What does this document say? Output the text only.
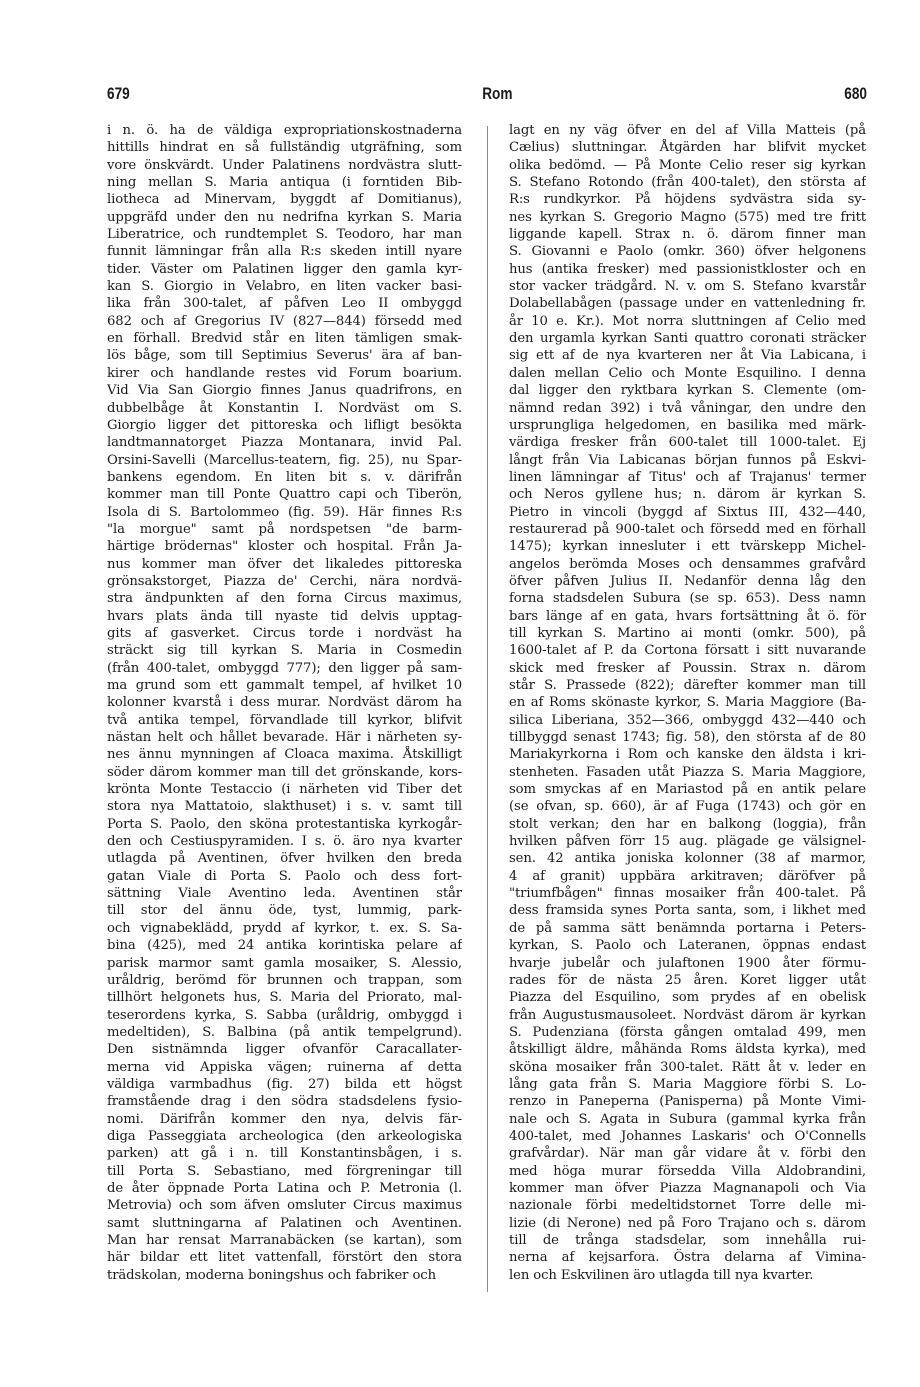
679	Rom	680
i n. ö. ha de väldiga expropriationskostnaderna
hittills hindrat en så fullständig utgräfning, som
vore önskvärdt. Under Palatinens nordvästra slutt-
ning mellan S. Maria antiqua (i forntiden Bib-
liotheca ad Minervam, byggdt af Domitianus),
uppgräfd under den nu nedrifna kyrkan S. Maria
Liberatrice, och rundtemplet S. Teodoro, har man
funnit lämningar från alla R:s skeden intill nyare
tider. Väster om Palatinen ligger den gamla kyr-
kan S. Giorgio in Velabro, en liten vacker basi-
lika från 300-talet, af påfven Leo II ombyggd
682 och af Gregorius IV (827—844) försedd med
en förhall. Bredvid står en liten tämligen smak-
lös båge, som till Septimius Severus' ära af ban-
kirer och handlande restes vid Forum boarium.
Vid Via San Giorgio finnes Janus quadrifrons, en
dubbelbåge åt Konstantin I. Nordväst om S.
Giorgio ligger det pittoreska och lifligt besökta
landtmannatorget Piazza Montanara, invid Pal.
Orsini-Savelli (Marcellus-teatern, fig. 25), nu Spar-
bankens egendom. En liten bit s. v. därifrån
kommer man till Ponte Quattro capi och Tiberön,
Isola di S. Bartolommeo (fig. 59). Här finnes R:s
"la morgue" samt på nordspetsen "de barm-
härtige brödernas" kloster och hospital. Från Ja-
nus kommer man öfver det likaledes pittoreska
grönsakstorget, Piazza de' Cerchi, nära nordvä-
stra ändpunkten af den forna Circus maximus,
hvars plats ända till nyaste tid delvis upptag-
gits af gasverket. Circus torde i nordväst ha
sträckt sig till kyrkan S. Maria in Cosmedin
(från 400-talet, ombyggd 777); den ligger på sam-
ma grund som ett gammalt tempel, af hvilket 10
kolonner kvarstå i dess murar. Nordväst därom ha
två antika tempel, förvandlade till kyrkor, blifvit
nästan helt och hållet bevarade. Här i närheten sy-
nes ännu mynningen af Cloaca maxima. Åtskilligt
söder därom kommer man till det grönskande, kors-
krönta Monte Testaccio (i närheten vid Tiber det
stora nya Mattatoio, slakthuset) i s. v. samt till
Porta S. Paolo, den sköna protestantiska kyrkogår-
den och Cestiuspyramiden. I s. ö. äro nya kvarter
utlagda på Aventinen, öfver hvilken den breda
gatan Viale di Porta S. Paolo och dess fort-
sättning Viale Aventino leda. Aventinen står
till stor del ännu öde, tyst, lummig, park-
och vignabeklädd, prydd af kyrkor, t. ex. S. Sa-
bina (425), med 24 antika korintiska pelare af
parisk marmor samt gamla mosaiker, S. Alessio,
uråldrig, berömd för brunnen och trappan, som
tillhört helgonets hus, S. Maria del Priorato, mal-
teserordens kyrka, S. Sabba (uråldrig, ombyggd i
medeltiden), S. Balbina (på antik tempelgrund).
Den sistnämnda ligger ofvanför Caracallater-
merna vid Appiska vägen; ruinerna af detta
väldiga varmbadhus (fig. 27) bilda ett högst
framstående drag i den södra stadsdelens fysio-
nomi. Därifrån kommer den nya, delvis fär-
diga Passeggiata archeologica (den arkeologiska
parken) att gå i n. till Konstantinsbågen, i s.
till Porta S. Sebastiano, med förgreningar till
de åter öppnade Porta Latina och P. Metronia (l.
Metrovia) och som äfven omsluter Circus maximus
samt sluttningarna af Palatinen och Aventinen.
Man har rensat Marranabäcken (se kartan), som
här bildar ett litet vattenfall, förstört den stora
trädskolan, moderna boningshus och fabriker och
lagt en ny väg öfver en del af Villa Matteis (på
Cælius) sluttningar. Åtgärden har blifvit mycket
olika bedömd. — På Monte Celio reser sig kyrkan
S. Stefano Rotondo (från 400-talet), den största af
R:s rundkyrkor. På höjdens sydvästra sida sy-
nes kyrkan S. Gregorio Magno (575) med tre fritt
liggande kapell. Strax n. ö. därom finner man
S. Giovanni e Paolo (omkr. 360) öfver helgonens
hus (antika fresker) med passionistkloster och en
stor vacker trädgård. N. v. om S. Stefano kvarstår
Dolabellabågen (passage under en vattenledning fr.
år 10 e. Kr.). Mot norra sluttningen af Celio med
den urgamla kyrkan Santi quattro coronati sträcker
sig ett af de nya kvarteren ner åt Via Labicana, i
dalen mellan Celio och Monte Esquilino. I denna
dal ligger den ryktbara kyrkan S. Clemente (om-
nämnd redan 392) i två våningar, den undre den
ursprungliga helgedomen, en basilika med märk-
värdiga fresker från 600-talet till 1000-talet. Ej
långt från Via Labicanas början funnos på Eskvi-
linen lämningar af Titus' och af Trajanus' termer
och Neros gyllene hus; n. därom är kyrkan S.
Pietro in vincoli (byggd af Sixtus III, 432—440,
restaurerad på 900-talet och försedd med en förhall
1475); kyrkan innesluter i ett tvärskepp Michel-
angelos berömda Moses och densammes grafvård
öfver påfven Julius II. Nedanför denna låg den
forna stadsdelen Subura (se sp. 653). Dess namn
bars länge af en gata, hvars fortsättning åt ö. för
till kyrkan S. Martino ai monti (omkr. 500), på
1600-talet af P. da Cortona försatt i sitt nuvarande
skick med fresker af Poussin. Strax n. därom
står S. Prassede (822); därefter kommer man till
en af Roms skönaste kyrkor, S. Maria Maggiore (Ba-
silica Liberiana, 352—366, ombyggd 432—440 och
tillbyggd senast 1743; fig. 58), den största af de 80
Mariakyrkorna i Rom och kanske den äldsta i kri-
stenheten. Fasaden utåt Piazza S. Maria Maggiore,
som smyckas af en Mariastod på en antik pelare
(se ofvan, sp. 660), är af Fuga (1743) och gör en
stolt verkan; den har en balkong (loggia), från
hvilken påfven förr 15 aug. plägade ge välsignel-
sen. 42 antika joniska kolonner (38 af marmor,
4 af granit) uppbära arkitraven; däröfver på
"triumfbågen" finnas mosaiker från 400-talet. På
dess framsida synes Porta santa, som, i likhet med
de på samma sätt benämnda portarna i Peters-
kyrkan, S. Paolo och Lateranen, öppnas endast
hvarje jubelår och julaftonen 1900 åter förmu-
rades för de nästa 25 åren. Koret ligger utåt
Piazza del Esquilino, som prydes af en obelisk
från Augustusmausoleet. Nordväst därom är kyrkan
S. Pudenziana (första gången omtalad 499, men
åtskilligt äldre, måhända Roms äldsta kyrka), med
sköna mosaiker från 300-talet. Rätt åt v. leder en
lång gata från S. Maria Maggiore förbi S. Lo-
renzo in Paneperna (Panisperna) på Monte Vimi-
nale och S. Agata in Subura (gammal kyrka från
400-talet, med Johannes Laskaris' och O'Connells
grafvårdar). När man går vidare åt v. förbi den
med höga murar försedda Villa Aldobrandini,
kommer man öfver Piazza Magnanapoli och Via
nazionale förbi medeltidstornet Torre delle mi-
lizie (di Nerone) ned på Foro Trajano och s. därom
till de trånga stadsdelar, som innehålla rui-
nerna af kejsarfora. Östra delarna af Vimina-
len och Eskvilinen äro utlagda till nya kvarter.
